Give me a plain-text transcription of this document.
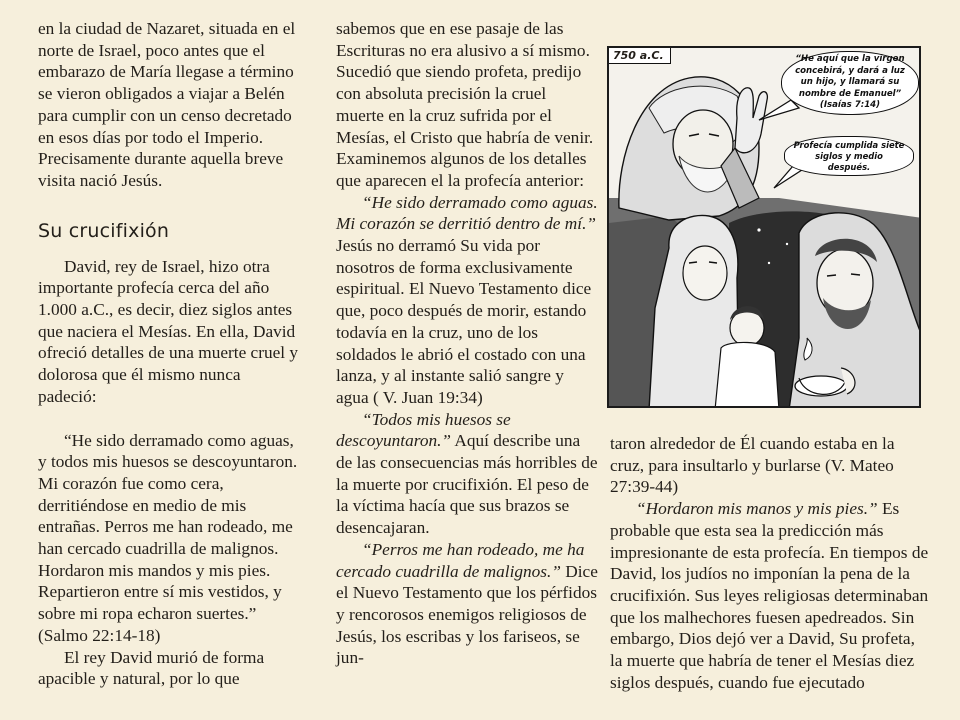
en la ciudad de Nazaret, situada en el norte de Israel, poco antes que el embarazo de María llegase a término se vieron obligados a viajar a Belén para cumplir con un censo decretado en esos días por todo el Imperio. Precisamente durante aquella breve visita nació Jesús.

Su crucifixión

David, rey de Israel, hizo otra importante profecía cerca del año 1.000 a.C., es decir, diez siglos antes que naciera el Mesías. En ella, David ofreció detalles de una muerte cruel y dolorosa que él mismo nunca padeció:

“He sido derramado como aguas, y todos mis huesos se descoyuntaron. Mi corazón fue como cera, derritiéndose en medio de mis entrañas. Perros me han rodeado, me han cercado cuadrilla de malignos. Hordaron mis mandos y mis pies. Repartieron entre sí mis vestidos, y sobre mi ropa echaron suertes.” (Salmo 22:14-18)

El rey David murió de forma apacible y natural, por lo que

sabemos que en ese pasaje de las Escrituras no era alusivo a sí mismo. Sucedió que siendo profeta, predijo con absoluta precisión la cruel muerte en la cruz sufrida por el Mesías, el Cristo que habría de venir. Examinemos algunos de los detalles que aparecen el la profecía anterior:

“He sido derramado como aguas. Mi corazón se derritió dentro de mí.” Jesús no derramó Su vida por nosotros de forma exclusivamente espiritual. El Nuevo Testamento dice que, poco después de morir, estando todavía en la cruz, uno de los soldados le abrió el costado con una lanza, y al instante salió sangre y agua ( V. Juan 19:34)

“Todos mis huesos se descoyuntaron.” Aquí describe una de las consecuencias más horribles de la muerte por crucifixión. El peso de la víctima hacía que sus brazos se desencajaran.

“Perros me han rodeado, me ha cercado cuadrilla de malignos.” Dice el Nuevo Testamento que los pérfidos y rencorosos enemigos religiosos de Jesús, los escribas y los fariseos, se jun-

750 a.C.	“He aquí que la virgen concebirá, y dará a luz un hijo, y llamará su nombre de Emanuel” (Isaías 7:14)
Profecía cumplida siete siglos y medio después.

taron alrededor de Él cuando estaba en la cruz, para insultarlo y burlarse (V. Mateo 27:39-44)

“Hordaron mis manos y mis pies.” Es probable que esta sea la predicción más impresionante de esta profecía. En tiempos de David, los judíos no imponían la pena de la crucifixión. Sus leyes religiosas determinaban que los malhechores fuesen apedreados. Sin embargo, Dios dejó ver a David, Su profeta, la muerte que habría de tener el Mesías diez siglos después, cuando fue ejecutado
